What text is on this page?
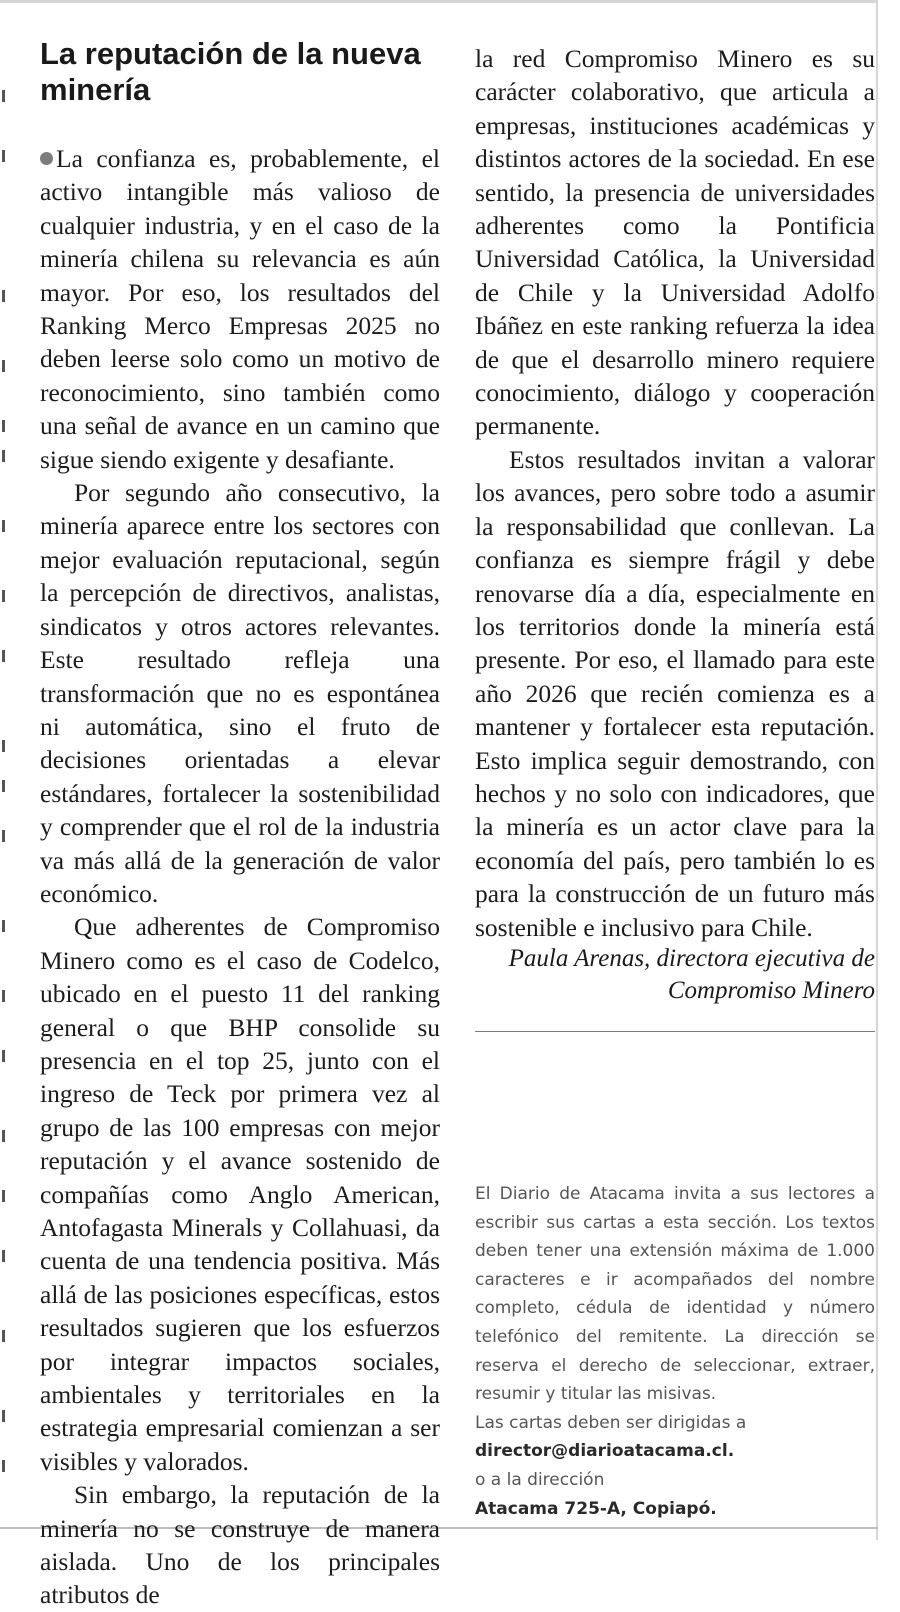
La reputación de la nueva minería

La confianza es, probablemente, el activo intangible más valioso de cualquier industria, y en el caso de la minería chilena su relevancia es aún mayor. Por eso, los resultados del Ranking Merco Empresas 2025 no deben leerse solo como un motivo de reconocimiento, sino también como una señal de avance en un camino que sigue siendo exigente y desafiante.

Por segundo año consecutivo, la minería aparece entre los sectores con mejor evaluación reputacional, según la percepción de directivos, analistas, sindicatos y otros actores relevantes. Este resultado refleja una transformación que no es espontánea ni automática, sino el fruto de decisiones orientadas a elevar estándares, fortalecer la sostenibilidad y comprender que el rol de la industria va más allá de la generación de valor económico.

Que adherentes de Compromiso Minero como es el caso de Codelco, ubicado en el puesto 11 del ranking general o que BHP consolide su presencia en el top 25, junto con el ingreso de Teck por primera vez al grupo de las 100 empresas con mejor reputación y el avance sostenido de compañías como Anglo American, Antofagasta Minerals y Collahuasi, da cuenta de una tendencia positiva. Más allá de las posiciones específicas, estos resultados sugieren que los esfuerzos por integrar impactos sociales, ambientales y territoriales en la estrategia empresarial comienzan a ser visibles y valorados.

Sin embargo, la reputación de la minería no se construye de manera aislada. Uno de los principales atributos de

la red Compromiso Minero es su carácter colaborativo, que articula a empresas, instituciones académicas y distintos actores de la sociedad. En ese sentido, la presencia de universidades adherentes como la Pontificia Universidad Católica, la Universidad de Chile y la Universidad Adolfo Ibáñez en este ranking refuerza la idea de que el desarrollo minero requiere conocimiento, diálogo y cooperación permanente.

Estos resultados invitan a valorar los avances, pero sobre todo a asumir la responsabilidad que conllevan. La confianza es siempre frágil y debe renovarse día a día, especialmente en los territorios donde la minería está presente. Por eso, el llamado para este año 2026 que recién comienza es a mantener y fortalecer esta reputación. Esto implica seguir demostrando, con hechos y no solo con indicadores, que la minería es un actor clave para la economía del país, pero también lo es para la construcción de un futuro más sostenible e inclusivo para Chile.

Paula Arenas, directora ejecutiva de
Compromiso Minero

El Diario de Atacama invita a sus lectores a escribir sus cartas a esta sección. Los textos deben tener una extensión máxima de 1.000 caracteres e ir acompañados del nombre completo, cédula de identidad y número telefónico del remitente. La dirección se reserva el derecho de seleccionar, extraer, resumir y titular las misivas.

Las cartas deben ser dirigidas a

director@diarioatacama.cl.

o a la dirección

Atacama 725-A, Copiapó.
